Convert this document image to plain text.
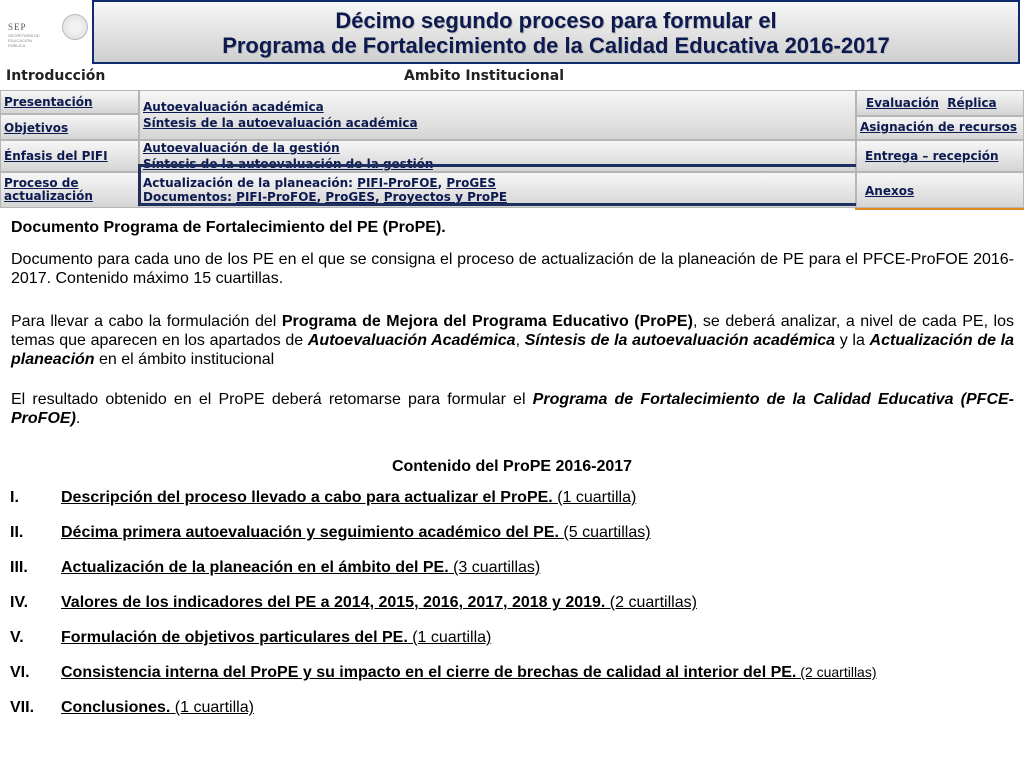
SEP
SECRETARÍA DE EDUCACIÓN PÚBLICA
Décimo segundo proceso para formular el
Programa de Fortalecimiento de la Calidad Educativa 2016-2017
Introducción	Ambito Institucional
Presentación
Objetivos
Énfasis del PIFI
Proceso de actualización
Autoevaluación académica
Síntesis de la autoevaluación académica
Autoevaluación de la gestión
Síntesis de la autoevaluación de la gestión
Actualización de la planeación: PIFI-ProFOE, ProGES
Documentos: PIFI-ProFOE, ProGES, Proyectos y ProPE
Evaluación Réplica
Asignación de recursos
Entrega – recepción
Anexos
Documento Programa de Fortalecimiento del PE (ProPE).
Documento para cada uno de los PE en el que se consigna el proceso de actualización de la planeación de PE para el PFCE-ProFOE 2016-2017. Contenido máximo 15 cuartillas.
Para llevar a cabo la formulación del Programa de Mejora del Programa Educativo (ProPE), se deberá analizar, a nivel de cada PE, los temas que aparecen en los apartados de Autoevaluación Académica, Síntesis de la autoevaluación académica y la Actualización de la planeación en el ámbito institucional
El resultado obtenido en el ProPE deberá retomarse para formular el Programa de Fortalecimiento de la Calidad Educativa (PFCE-ProFOE).
Contenido del ProPE 2016-2017
I.	Descripción del proceso llevado a cabo para actualizar el ProPE. (1 cuartilla)
II. Décima primera autoevaluación y seguimiento académico del PE. (5 cuartillas)
III. Actualización de la planeación en el ámbito del PE. (3 cuartillas)
IV. Valores de los indicadores del PE a 2014, 2015, 2016, 2017, 2018 y 2019. (2 cuartillas)
V. Formulación de objetivos particulares del PE. (1 cuartilla)
VI. Consistencia interna del ProPE y su impacto en el cierre de brechas de calidad al interior del PE. (2 cuartillas)
VII. Conclusiones. (1 cuartilla)
